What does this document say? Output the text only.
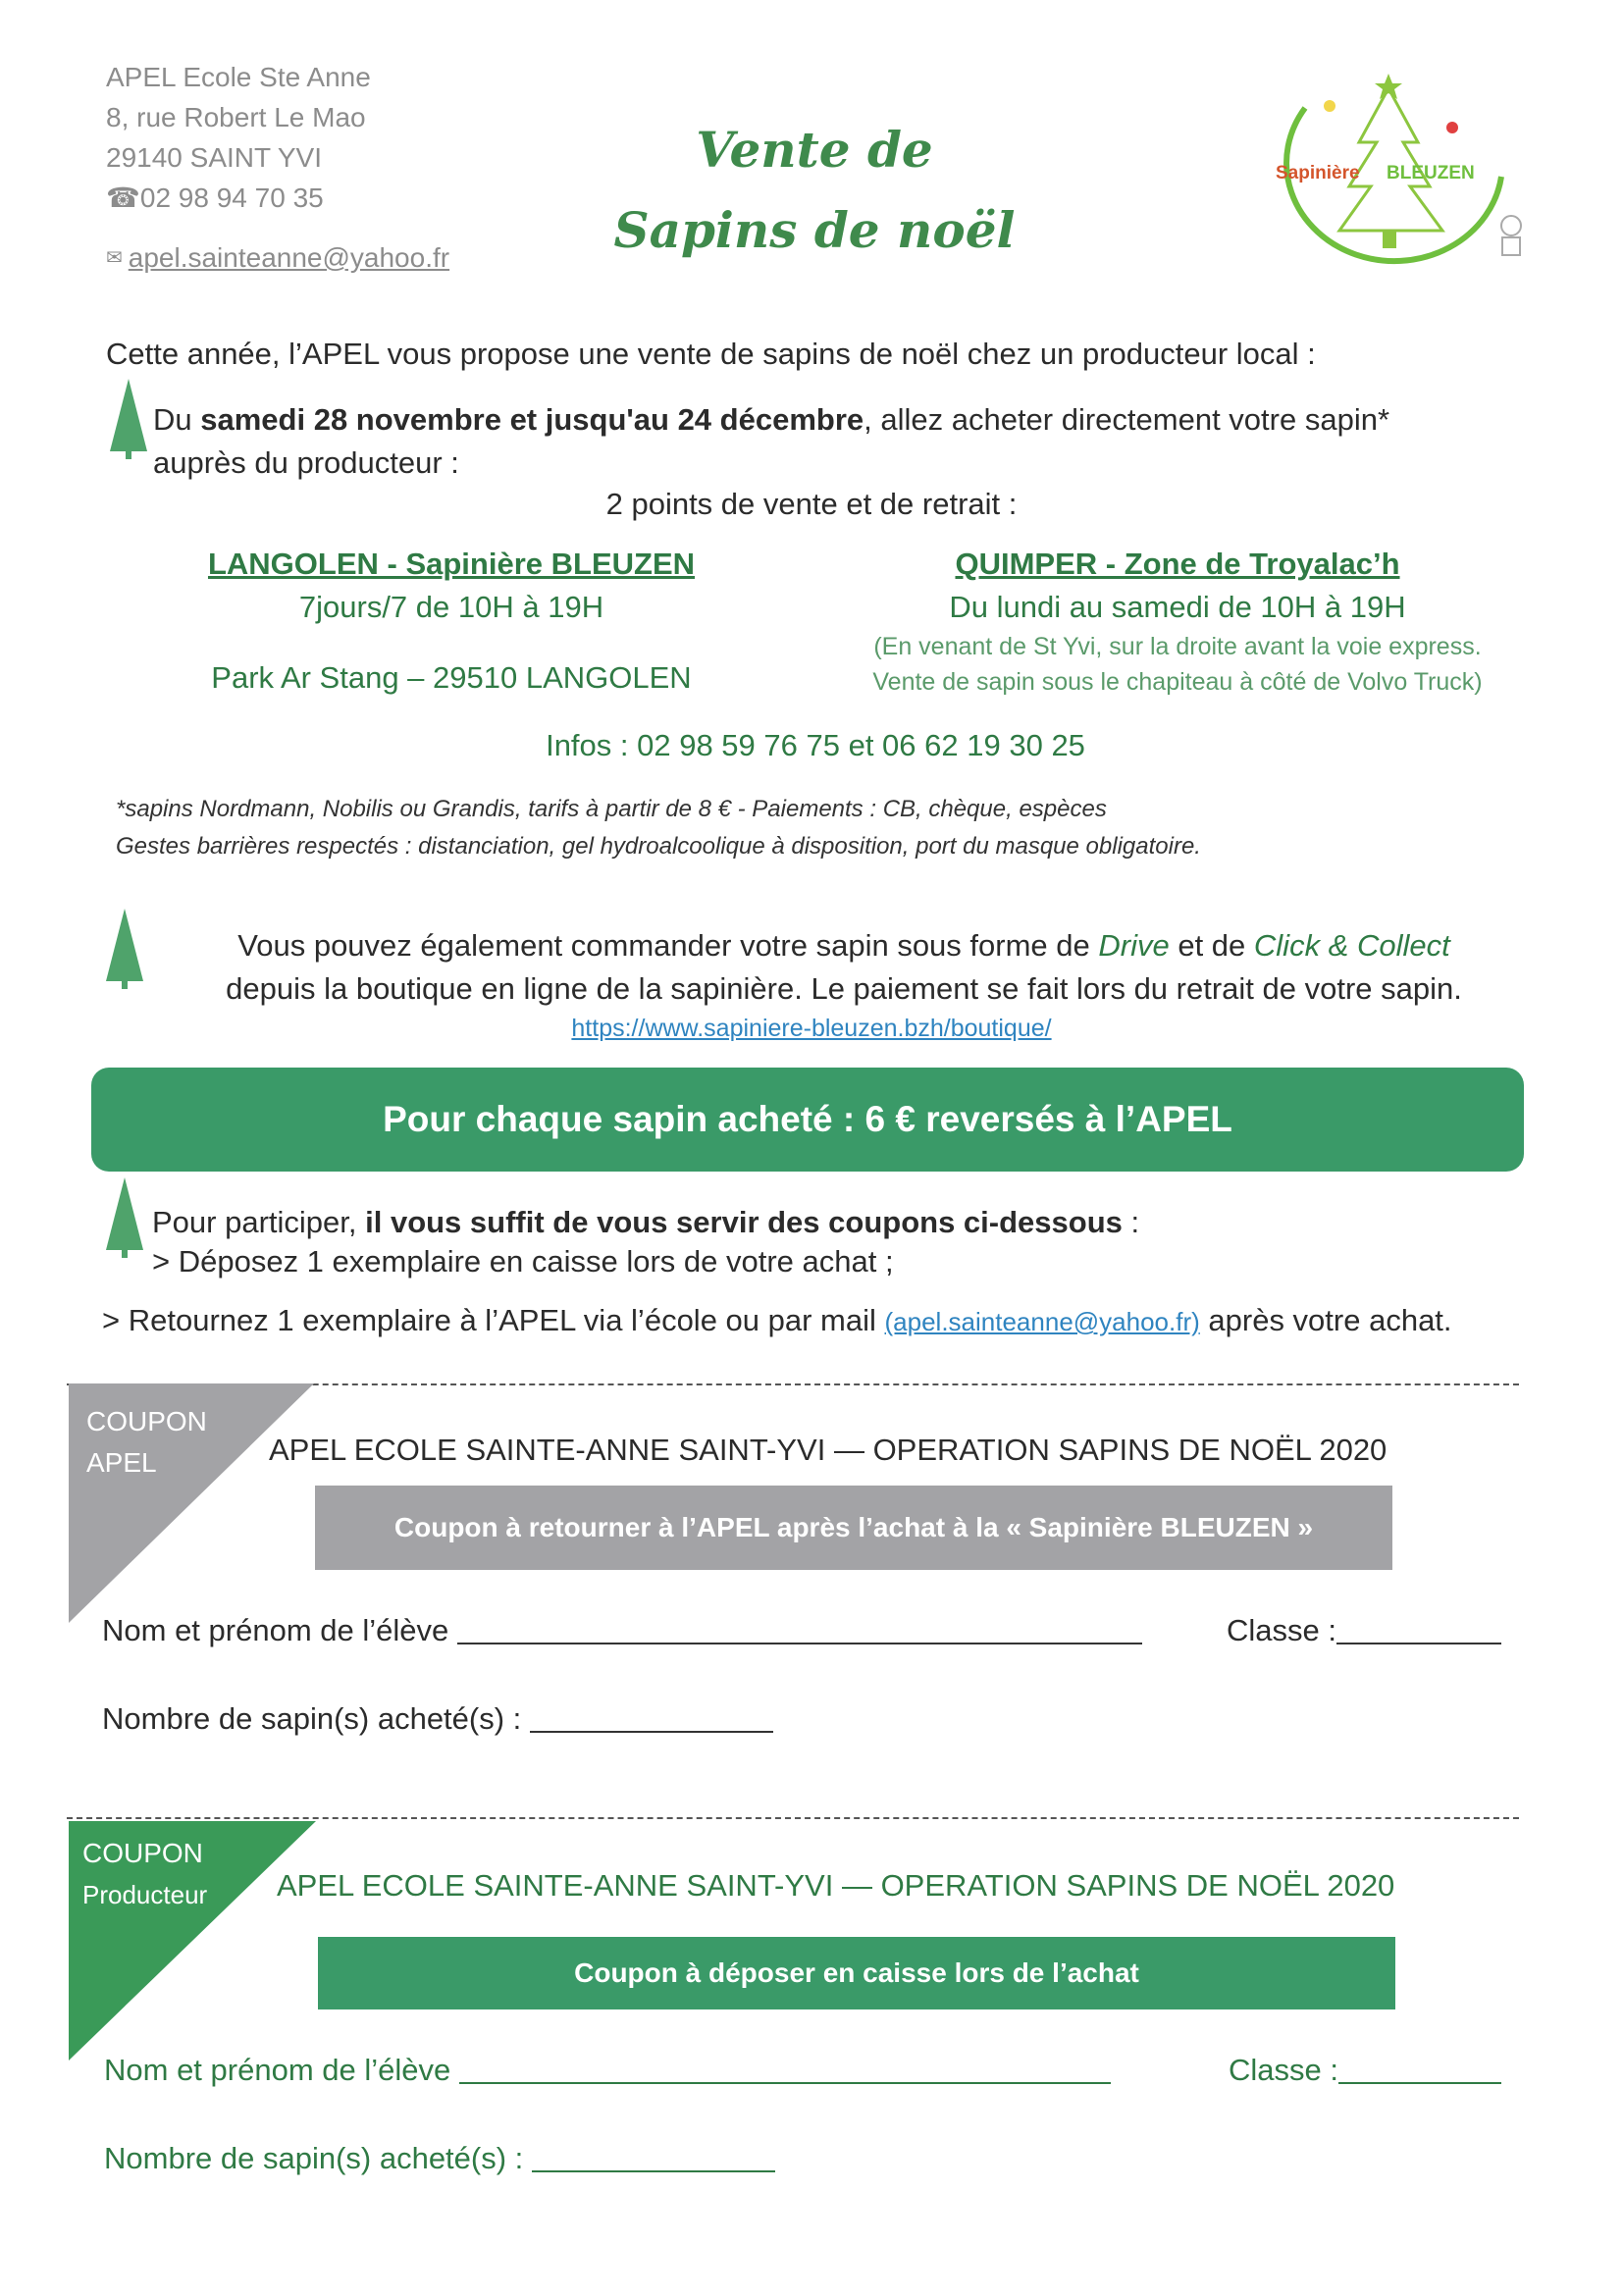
APEL Ecole Ste Anne
8, rue Robert Le Mao
29140 SAINT YVI
☎02 98 94 70 35
✉ apel.sainteanne@yahoo.fr
Vente de
Sapins de noël
Sapinière BLEUZEN
Cette année, l’APEL vous propose une vente de sapins de noël chez un producteur local :
Du samedi 28 novembre et jusqu'au 24 décembre, allez acheter directement votre sapin*
auprès du producteur :
2 points de vente et de retrait :
LANGOLEN - Sapinière BLEUZEN
7jours/7 de 10H à 19H
Park Ar Stang – 29510 LANGOLEN
QUIMPER - Zone de Troyalac’h
Du lundi au samedi de 10H à 19H
(En venant de St Yvi, sur la droite avant la voie express.
Vente de sapin sous le chapiteau à côté de Volvo Truck)
Infos : 02 98 59 76 75 et 06 62 19 30 25
*sapins Nordmann, Nobilis ou Grandis, tarifs à partir de 8 € - Paiements : CB, chèque, espèces
Gestes barrières respectés : distanciation, gel hydroalcoolique à disposition, port du masque obligatoire.
Vous pouvez également commander votre sapin sous forme de Drive et de Click & Collect
depuis la boutique en ligne de la sapinière. Le paiement se fait lors du retrait de votre sapin.
https://www.sapiniere-bleuzen.bzh/boutique/
Pour chaque sapin acheté : 6 € reversés à l’APEL
Pour participer, il vous suffit de vous servir des coupons ci-dessous :
> Déposez 1 exemplaire en caisse lors de votre achat ;
> Retournez 1 exemplaire à l’APEL via l’école ou par mail (apel.sainteanne@yahoo.fr) après votre achat.
COUPON
APEL	APEL ECOLE SAINTE-ANNE SAINT-YVI — OPERATION SAPINS DE NOËL 2020
Coupon à retourner à l’APEL après l’achat à la « Sapinière BLEUZEN »
Nom et prénom de l’élève	Classe :
Nombre de sapin(s) acheté(s) :
COUPON
Producteur APEL ECOLE SAINTE-ANNE SAINT-YVI — OPERATION SAPINS DE NOËL 2020
Coupon à déposer en caisse lors de l’achat
Nom et prénom de l’élève	Classe :
Nombre de sapin(s) acheté(s) :
